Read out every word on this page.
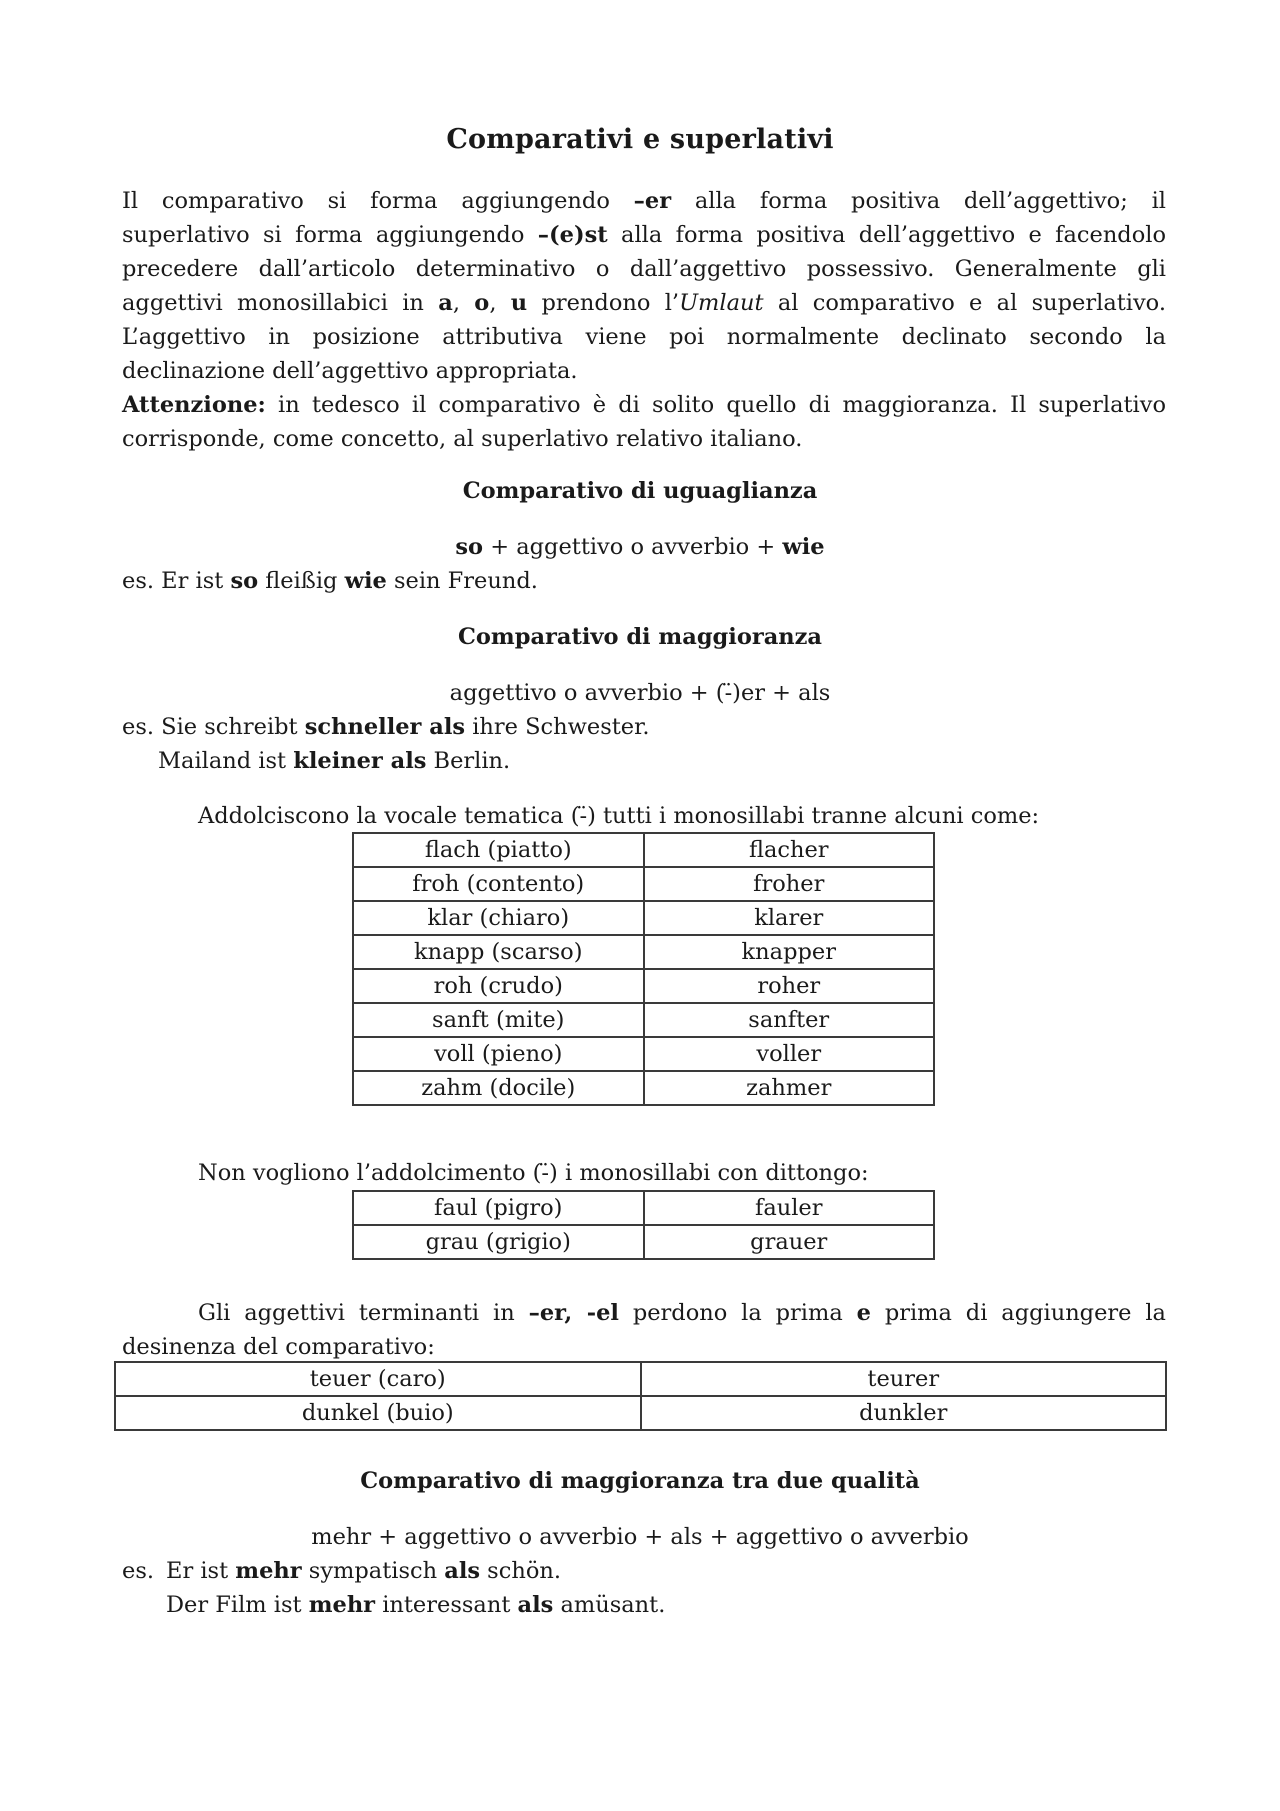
Comparativi e superlativi
Il comparativo si forma aggiungendo –er alla forma positiva dell’aggettivo; il
superlativo si forma aggiungendo –(e)st alla forma positiva dell’aggettivo e facendolo
precedere dall’articolo determinativo o dall’aggettivo possessivo. Generalmente gli
aggettivi monosillabici in a, o, u prendono l’Umlaut al comparativo e al superlativo.
L’aggettivo in posizione attributiva viene poi normalmente declinato secondo la
declinazione dell’aggettivo appropriata.
Attenzione: in tedesco il comparativo è di solito quello di maggioranza. Il superlativo
corrisponde, come concetto, al superlativo relativo italiano.
Comparativo di uguaglianza
so + aggettivo o avverbio + wie
es. Er ist so fleißig wie sein Freund.
Comparativo di maggioranza
aggettivo o avverbio + (-̈)er + als
es. Sie schreibt schneller als ihre Schwester.
Mailand ist kleiner als Berlin.
Addolciscono la vocale tematica (-̈) tutti i monosillabi tranne alcuni come:
flach (piatto)	flacher
froh (contento)	froher
klar (chiaro)	klarer
knapp (scarso)	knapper
roh (crudo)	roher
sanft (mite)	sanfter
voll (pieno)	voller
zahm (docile)	zahmer
Non vogliono l’addolcimento (-̈) i monosillabi con dittongo:
faul (pigro)	fauler
grau (grigio)	grauer
Gli aggettivi terminanti in –er, -el perdono la prima e prima di aggiungere la
desinenza del comparativo:
teuer (caro)	teurer
dunkel (buio)	dunkler
Comparativo di maggioranza tra due qualità
mehr + aggettivo o avverbio + als + aggettivo o avverbio
es. Er ist mehr sympatisch als schön.
Der Film ist mehr interessant als amüsant.
